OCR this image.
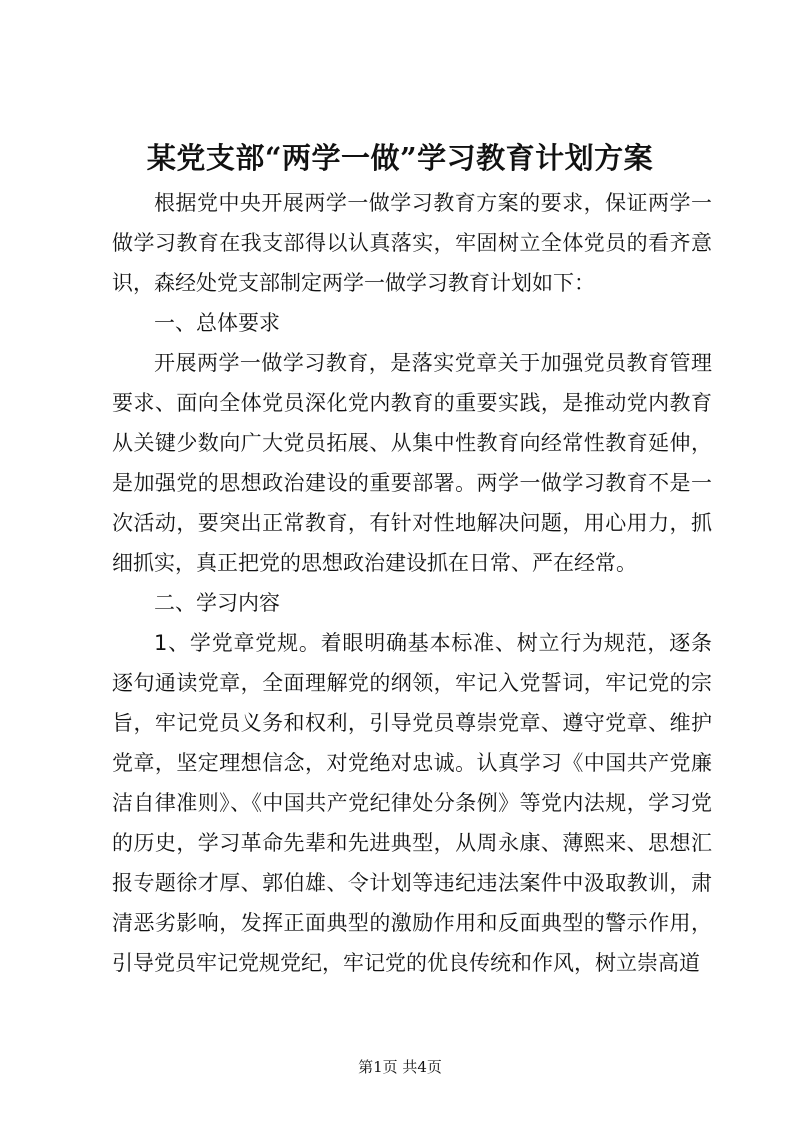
某党支部“两学一做”学习教育计划方案

根据党中央开展两学一做学习教育方案的要求，保证两学一做学习教育在我支部得以认真落实，牢固树立全体党员的看齐意识，森经处党支部制定两学一做学习教育计划如下：

一、总体要求

开展两学一做学习教育，是落实党章关于加强党员教育管理要求、面向全体党员深化党内教育的重要实践，是推动党内教育从关键少数向广大党员拓展、从集中性教育向经常性教育延伸，是加强党的思想政治建设的重要部署。两学一做学习教育不是一次活动，要突出正常教育，有针对性地解决问题，用心用力，抓细抓实，真正把党的思想政治建设抓在日常、严在经常。

二、学习内容

1、学党章党规。着眼明确基本标准、树立行为规范，逐条逐句通读党章，全面理解党的纲领，牢记入党誓词，牢记党的宗旨，牢记党员义务和权利，引导党员尊崇党章、遵守党章、维护党章，坚定理想信念，对党绝对忠诚。认真学习《中国共产党廉洁自律准则》、《中国共产党纪律处分条例》等党内法规，学习党的历史，学习革命先辈和先进典型，从周永康、薄熙来、思想汇报专题徐才厚、郭伯雄、令计划等违纪违法案件中汲取教训，肃清恶劣影响，发挥正面典型的激励作用和反面典型的警示作用，引导党员牢记党规党纪，牢记党的优良传统和作风，树立崇高道

第1页 共4页
